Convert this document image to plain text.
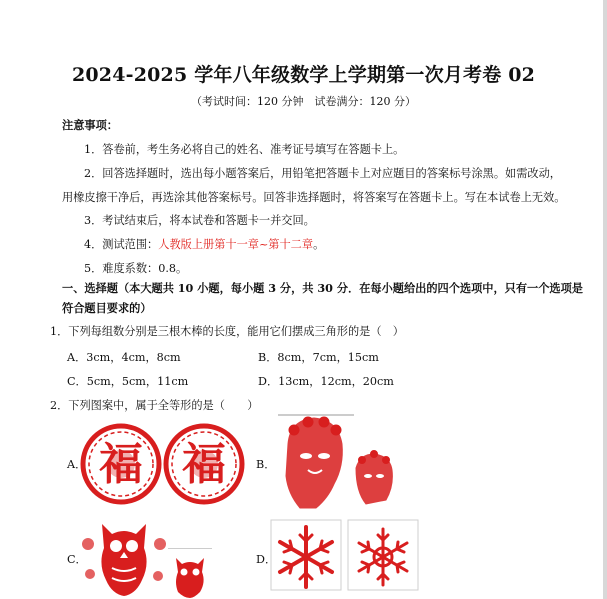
2024-2025 学年八年级数学上学期第一次月考卷 02
（考试时间：120 分钟　试卷满分：120 分）
注意事项：
1．答卷前，考生务必将自己的姓名、准考证号填写在答题卡上。
2．回答选择题时，选出每小题答案后，用铅笔把答题卡上对应题目的答案标号涂黑。如需改动，
用橡皮擦干净后，再选涂其他答案标号。回答非选择题时，将答案写在答题卡上。写在本试卷上无效。
3．考试结束后，将本试卷和答题卡一并交回。
4．测试范围：人教版上册第十一章~第十二章。
5．难度系数：0.8。
一、选择题（本大题共 10 小题，每小题 3 分，共 30 分．在每小题给出的四个选项中，只有一个选项是
符合题目要求的）
1．下列每组数分别是三根木棒的长度，能用它们摆成三角形的是（　）
A．3cm，4cm，8cm	B．8cm，7cm，15cm
C．5cm，5cm，11cm	D．13cm，12cm，20cm
2．下列图案中，属于全等形的是（　　）
A． 福 福	B．
C．	D．
